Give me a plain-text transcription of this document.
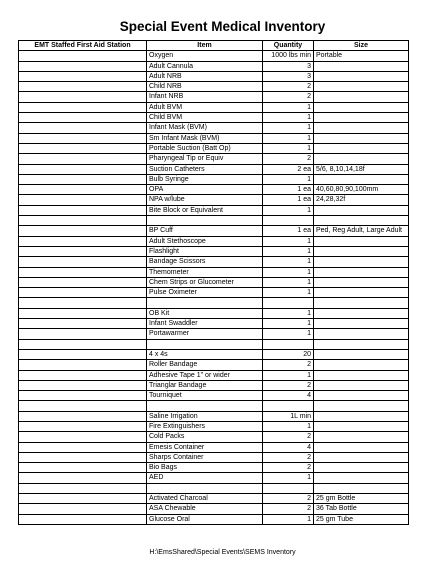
Special Event Medical Inventory
EMT Staffed First Aid Station	Item	Quantity	Size
	Oxygen	1000 lbs min	Portable
	Adult Cannula	3	
	Adult NRB	3	
	Child NRB	2	
	Infant NRB	2	
	Adult BVM	1	
	Child BVM	1	
	Infant Mask (BVM)	1	
	Sm Infant Mask (BVM)	1	
	Portable Suction (Batt Op)	1	
	Pharyngeal Tip or Equiv	2	
	Suction Catheters	2 ea	5/6, 8,10,14,18f
	Bulb Syringe	1	
	OPA	1 ea	40,60,80,90,100mm
	NPA w/lube	1 ea	24,28,32f
	Bite Block or Equivalent	1	

	BP Cuff	1 ea	Ped, Reg Adult, Large Adult
	Adult Stethoscope	1	
	Flashlight	1	
	Bandage Scissors	1	
	Themometer	1	
	Chem Strips or Glucometer	1	
	Pulse Oximeter	1	

	OB Kit	1	
	Infant Swaddler	1	
	Portawarmer	1	

	4 x 4s	20	
	Roller Bandage	2	
	Adhesive Tape 1" or wider	1	
	Trianglar Bandage	2	
	Tourniquet	4	

	Saline Irrigation	1L min	
	Fire Extinguishers	1	
	Cold Packs	2	
	Emesis Container	4	
	Sharps Container	2	
	Bio Bags	2	
	AED	1	

	Activated Charcoal	2	25 gm Bottle
	ASA Chewable	2	36 Tab Bottle
	Glucose Oral	1	25 gm Tube
H:\EmsShared\Special Events\SEMS Inventory
